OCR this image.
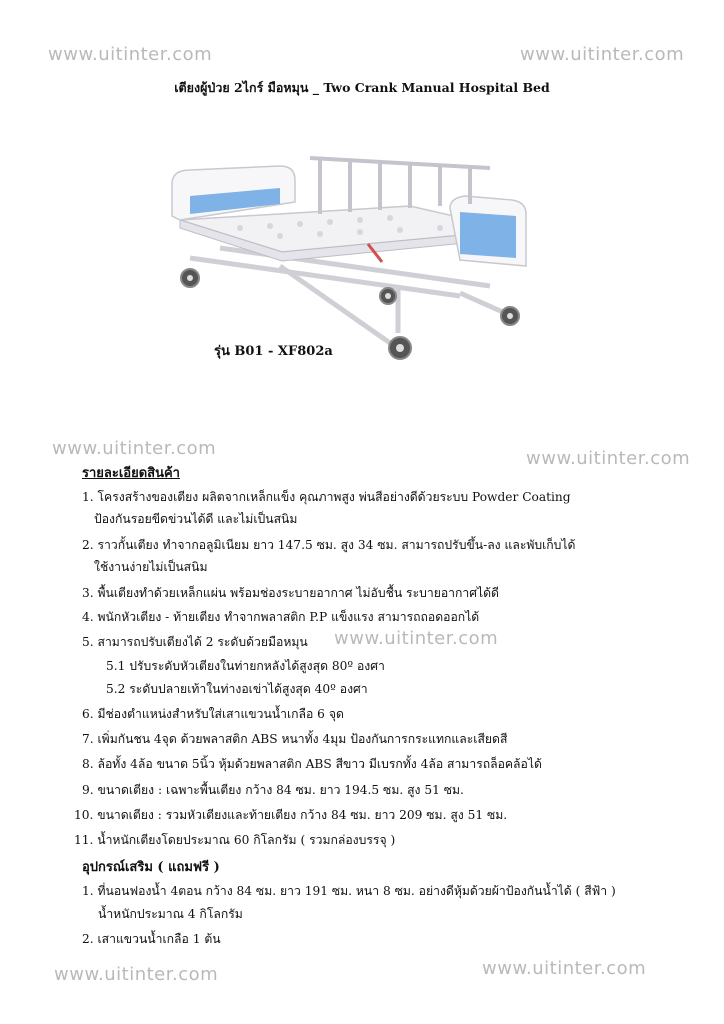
www.uitinter.com	www.uitinter.com
www.uitinter.com	www.uitinter.com
www.uitinter.com
www.uitinter.com	www.uitinter.com
เตียงผู้ป่วย 2ไกร์ มือหมุน _ Two Crank Manual Hospital Bed
รุ่น B01 - XF802a
รายละเอียดสินค้า
1. โครงสร้างของเตียง ผลิตจากเหล็กแข็ง คุณภาพสูง พ่นสีอย่างดีด้วยระบบ Powder Coating
ป้องกันรอยขีดข่วนได้ดี และไม่เป็นสนิม
2. ราวกั้นเตียง ทำจากอลูมิเนียม ยาว 147.5 ซม. สูง 34 ซม. สามารถปรับขึ้น-ลง และพับเก็บได้
ใช้งานง่ายไม่เป็นสนิม
3. พื้นเตียงทำด้วยเหล็กแผ่น พร้อมช่องระบายอากาศ ไม่อับชื้น ระบายอากาศได้ดี
4. พนักหัวเตียง - ท้ายเตียง ทำจากพลาสติก P.P แข็งแรง สามารถถอดออกได้
5. สามารถปรับเตียงได้ 2 ระดับด้วยมือหมุน
5.1 ปรับระดับหัวเตียงในท่ายกหลังได้สูงสุด 80º องศา
5.2 ระดับปลายเท้าในท่างอเข่าได้สูงสุด 40º องศา
6. มีช่องตำแหน่งสำหรับใส่เสาแขวนน้ำเกลือ 6 จุด
7. เพิ่มกันชน 4จุด ด้วยพลาสติก ABS หนาทั้ง 4มุม ป้องกันการกระแทกและเสียดสี
8. ล้อทั้ง 4ล้อ ขนาด 5นิ้ว หุ้มด้วยพลาสติก ABS สีขาว มีเบรกทั้ง 4ล้อ สามารถล็อคล้อได้
9. ขนาดเตียง : เฉพาะพื้นเตียง กว้าง 84 ซม. ยาว 194.5 ซม. สูง 51 ซม.
10. ขนาดเตียง : รวมหัวเตียงและท้ายเตียง กว้าง 84 ซม. ยาว 209 ซม. สูง 51 ซม.
11. น้ำหนักเตียงโดยประมาณ 60 กิโลกรัม ( รวมกล่องบรรจุ )
อุปกรณ์เสริม ( แถมฟรี )
1. ที่นอนฟองน้ำ 4ตอน กว้าง 84 ซม. ยาว 191 ซม. หนา 8 ซม. อย่างดีหุ้มด้วยผ้าป้องกันน้ำได้ ( สีฟ้า )
น้ำหนักประมาณ 4 กิโลกรัม
2. เสาแขวนน้ำเกลือ 1 ต้น
